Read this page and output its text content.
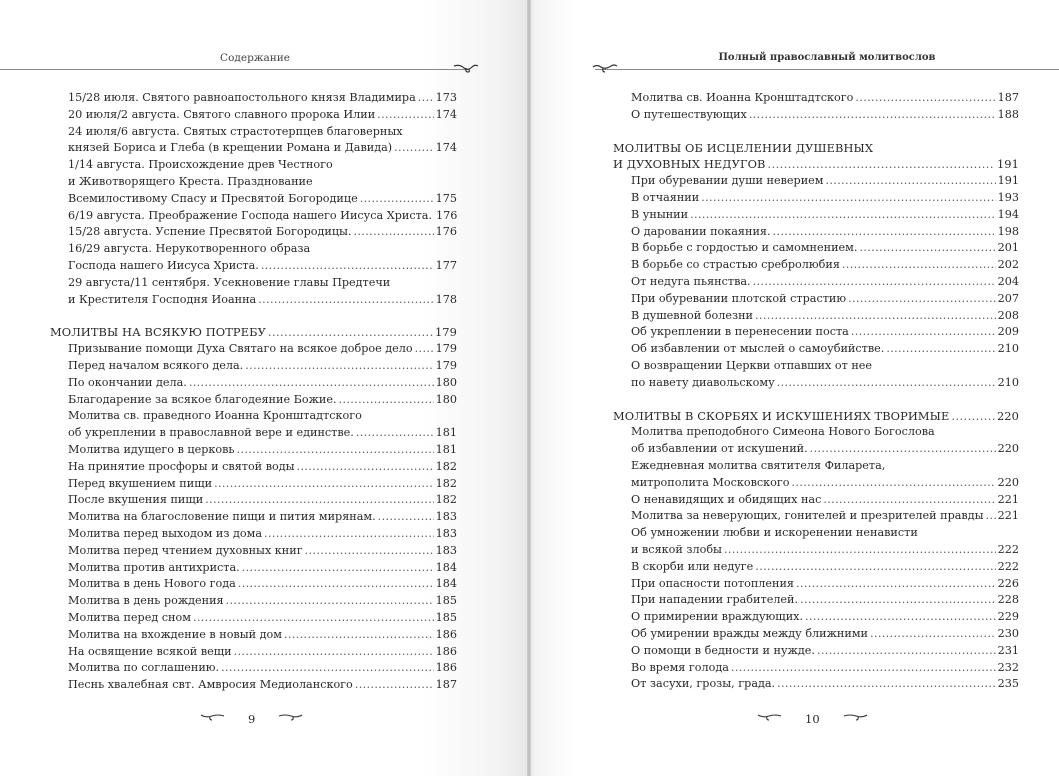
Содержание
15/28 июля. Святого равноапостольного князя Владимира . . . 173
20 июля/2 августа. Святого славного пророка Илии . . .	174
24 июля/6 августа. Святых страстотерпцев благоверных
князей Бориса и Глеба (в крещении Романа и Давида) . . .	174
1/14 августа. Происхождение древ Честного
и Животворящего Креста. Празднование
Всемилостивому Спасу и Пресвятой Богородице . . .	175
6/19 августа. Преображение Господа нашего Иисуса Христа. 176
15/28 августа. Успение Пресвятой Богородицы. . . .	176
16/29 августа. Нерукотворенного образа
Господа нашего Иисуса Христа. . . .	177
29 августа/11 сентября. Усекновение главы Предтечи
и Крестителя Господня Иоанна . . .	178
МОЛИТВЫ НА ВСЯКУЮ ПОТРЕБУ . . .	179
Призывание помощи Духа Святаго на всякое доброе дело . . . 179
Перед началом всякого дела. . . .	179
По окончании дела. . . .	180
Благодарение за всякое благодеяние Божие. . . .	180
Молитва св. праведного Иоанна Кронштадтского
об укреплении в православной вере и единстве. . . .	181
Молитва идущего в церковь . . .	181
На принятие просфоры и святой воды . . .	182
Перед вкушением пищи . . .	182
После вкушения пищи . . .	182
Молитва на благословение пищи и пития мирянам. . . .	183
Молитва перед выходом из дома . . .	183
Молитва перед чтением духовных книг . . .	183
Молитва против антихриста. . . .	184
Молитва в день Нового года . . .	184
Молитва в день рождения . . .	185
Молитва перед сном . . .	185
Молитва на вхождение в новый дом . . .	186
На освящение всякой вещи . . .	186
Молитва по соглашению. . . .	186
Песнь хвалебная свт. Амвросия Медиоланского . . .	187
9
Полный православный молитвослов
Молитва св. Иоанна Кронштадтского . . .	187
О путешествующих . . .	188
МОЛИТВЫ ОБ ИСЦЕЛЕНИИ ДУШЕВНЫХ
И ДУХОВНЫХ НЕДУГОВ . . .	191
При обуревании души неверием . . .	191
В отчаянии . . .	193
В унынии . . .	194
О даровании покаяния. . . .	198
В борьбе с гордостью и самомнением. . . .	201
В борьбе со страстью сребролюбия . . .	202
От недуга пьянства. . . .	204
При обуревании плотской страстию . . .	207
В душевной болезни . . .	208
Об укреплении в перенесении поста . . .	209
Об избавлении от мыслей о самоубийстве. . . .	210
О возвращении Церкви отпавших от нее
по навету диавольскому . . .	210
МОЛИТВЫ В СКОРБЯХ И ИСКУШЕНИЯХ ТВОРИМЫЕ . . .	220
Молитва преподобного Симеона Нового Богослова
об избавлении от искушений. . . .	220
Ежедневная молитва святителя Филарета,
митрополита Московского . . .	220
О ненавидящих и обидящих нас . . .	221
Молитва за неверующих, гонителей и презрителей правды . . . 221
Об умножении любви и искоренении ненависти
и всякой злобы . . .	222
В скорби или недуге . . .	222
При опасности потопления . . .	226
При нападении грабителей. . . .	228
О примирении враждующих. . . .	229
Об умирении вражды между ближними . . .	230
О помощи в бедности и нужде. . . .	231
Во время голода . . .	232
От засухи, грозы, града. . . .	235
10
